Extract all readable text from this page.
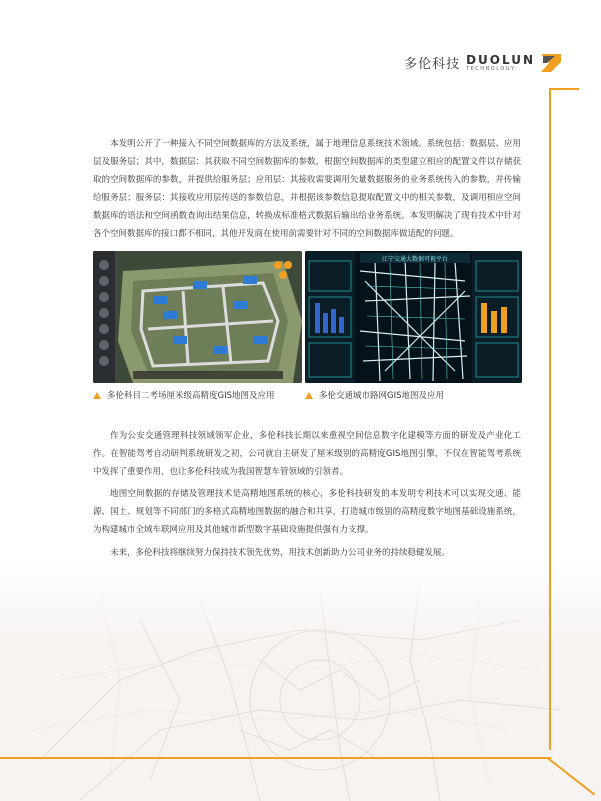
多伦科技 DUOLUN
TECHNOLOGY

本发明公开了一种接入不同空间数据库的方法及系统，属于地理信息系统技术领域。系统包括：数据层、应用层及服务层；其中，数据层：其获取不同空间数据库的参数，根据空间数据库的类型建立相应的配置文件以存储获取的空间数据库的参数，并提供给服务层；应用层：其接收需要调用矢量数据服务的业务系统传入的参数，并传输给服务层；服务层：其接收应用层传送的参数信息，并根据该参数信息提取配置文中的相关参数，及调用相应空间数据库的语法和空间函数查询出结果信息，转换成标准格式数据后输出给业务系统。本发明解决了现有技术中针对各个空间数据库的接口都不相同，其他开发商在使用前需要针对不同的空间数据库做适配的问题。

江宁交通大数据可视平台
多伦科目二考场厘米级高精度GIS地图及应用	多伦交通城市路网GIS地图及应用

作为公安交通管理科技领域领军企业，多伦科技长期以来重视空间信息数字化建模等方面的研发及产业化工作。在智能驾考自动研判系统研发之初，公司就自主研发了厘米级别的高精度GIS地图引擎，不仅在智能驾考系统中发挥了重要作用，也让多伦科技成为我国智慧车管领域的引领者。

地图空间数据的存储及管理技术是高精地图系统的核心，多伦科技研发的本发明专利技术可以实现交通、能源、国土、规划等不同部门的多格式高精地图数据的融合和共享，打造城市级别的高精度数字地图基础设施系统，为构建城市全域车联网应用及其他城市新型数字基础设施提供强有力支撑。

未来，多伦科技将继续努力保持技术领先优势，用技术创新助力公司业务的持续稳健发展。
